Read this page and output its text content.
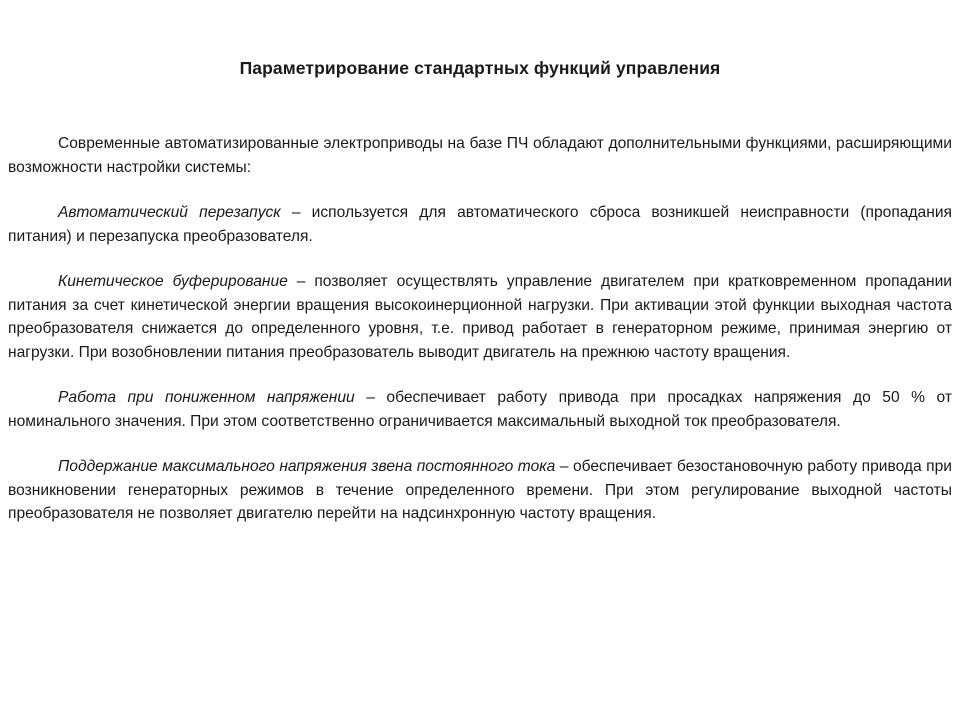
Параметрирование стандартных функций управления

Современные автоматизированные электроприводы на базе ПЧ обладают дополнительными функциями, расширяющими возможности настройки системы:

Автоматический перезапуск – используется для автоматического сброса возникшей неисправности (пропадания питания) и перезапуска преобразователя.

Кинетическое буферирование – позволяет осуществлять управление двигателем при кратковременном пропадании питания за счет кинетической энергии вращения высокоинерционной нагрузки. При активации этой функции выходная частота преобразователя снижается до определенного уровня, т.е. привод работает в генераторном режиме, принимая энергию от нагрузки. При возобновлении питания преобразователь выводит двигатель на прежнюю частоту вращения.

Работа при пониженном напряжении – обеспечивает работу привода при просадках напряжения до 50 % от номинального значения. При этом соответственно ограничивается максимальный выходной ток преобразователя.

Поддержание максимального напряжения звена постоянного тока – обеспечивает безостановочную работу привода при возникновении генераторных режимов в течение определенного времени. При этом регулирование выходной частоты преобразователя не позволяет двигателю перейти на надсинхронную частоту вращения.
